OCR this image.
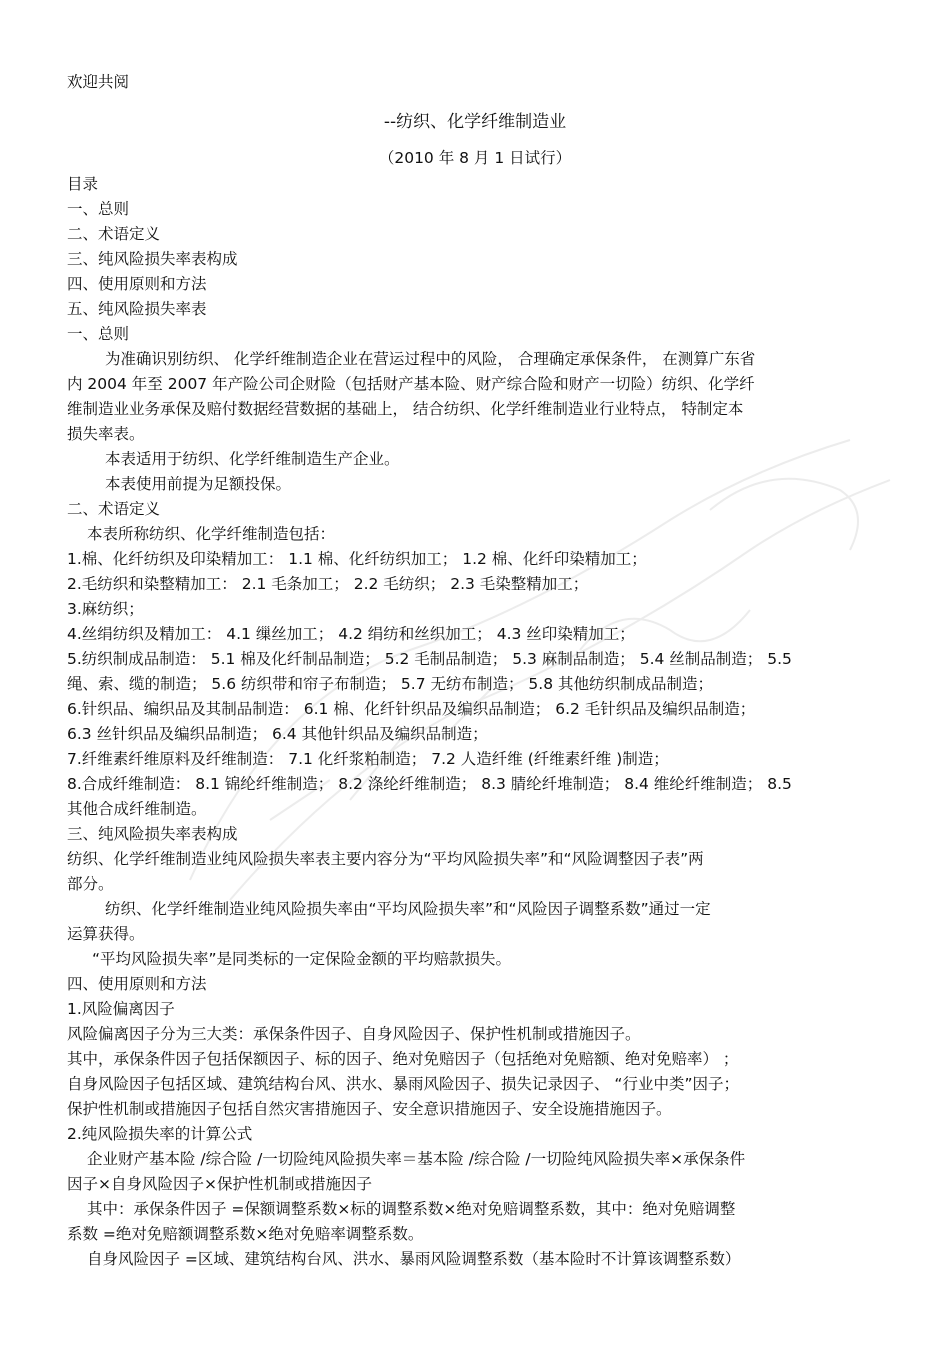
欢迎共阅
--纺织、化学纤维制造业
（2010 年 8 月 1 日试行）
目录
一、总则
二、术语定义
三、纯风险损失率表构成
四、使用原则和方法
五、纯风险损失率表
一、总则
为准确识别纺织、 化学纤维制造企业在营运过程中的风险， 合理确定承保条件， 在测算广东省
内 2004 年至 2007 年产险公司企财险（包括财产基本险、财产综合险和财产一切险）纺织、化学纤
维制造业业务承保及赔付数据经营数据的基础上， 结合纺织、化学纤维制造业行业特点， 特制定本
损失率表。
本表适用于纺织、化学纤维制造生产企业。
本表使用前提为足额投保。
二、术语定义
本表所称纺织、化学纤维制造包括：
1.棉、化纤纺织及印染精加工： 1.1 棉、化纤纺织加工； 1.2 棉、化纤印染精加工；
2.毛纺织和染整精加工： 2.1 毛条加工； 2.2 毛纺织； 2.3 毛染整精加工；
3.麻纺织；
4.丝绢纺织及精加工： 4.1 缫丝加工； 4.2 绢纺和丝织加工； 4.3 丝印染精加工；
5.纺织制成品制造： 5.1 棉及化纤制品制造； 5.2 毛制品制造； 5.3 麻制品制造； 5.4 丝制品制造； 5.5
绳、索、缆的制造； 5.6 纺织带和帘子布制造； 5.7 无纺布制造； 5.8 其他纺织制成品制造；
6.针织品、编织品及其制品制造： 6.1 棉、化纤针织品及编织品制造； 6.2 毛针织品及编织品制造；
6.3 丝针织品及编织品制造； 6.4 其他针织品及编织品制造；
7.纤维素纤维原料及纤维制造： 7.1 化纤浆粕制造； 7.2 人造纤维 (纤维素纤维 )制造；
8.合成纤维制造： 8.1 锦纶纤维制造； 8.2 涤纶纤维制造； 8.3 腈纶纤堆制造； 8.4 维纶纤维制造； 8.5
其他合成纤维制造。
三、纯风险损失率表构成
纺织、化学纤维制造业纯风险损失率表主要内容分为“平均风险损失率”和“风险调整因子表”两
部分。
纺织、化学纤维制造业纯风险损失率由“平均风险损失率”和“风险因子调整系数”通过一定
运算获得。
“平均风险损失率”是同类标的一定保险金额的平均赔款损失。
四、使用原则和方法
1.风险偏离因子
风险偏离因子分为三大类：承保条件因子、自身风险因子、保护性机制或措施因子。
其中，承保条件因子包括保额因子、标的因子、绝对免赔因子（包括绝对免赔额、绝对免赔率） ；
自身风险因子包括区域、建筑结构台风、洪水、暴雨风险因子、损失记录因子、 “行业中类”因子；
保护性机制或措施因子包括自然灾害措施因子、安全意识措施因子、安全设施措施因子。
2.纯风险损失率的计算公式
企业财产基本险 /综合险 /一切险纯风险损失率＝基本险 /综合险 /一切险纯风险损失率×承保条件
因子×自身风险因子×保护性机制或措施因子
其中：承保条件因子 =保额调整系数×标的调整系数×绝对免赔调整系数，其中：绝对免赔调整
系数 =绝对免赔额调整系数×绝对免赔率调整系数。
自身风险因子 =区域、建筑结构台风、洪水、暴雨风险调整系数（基本险时不计算该调整系数）
